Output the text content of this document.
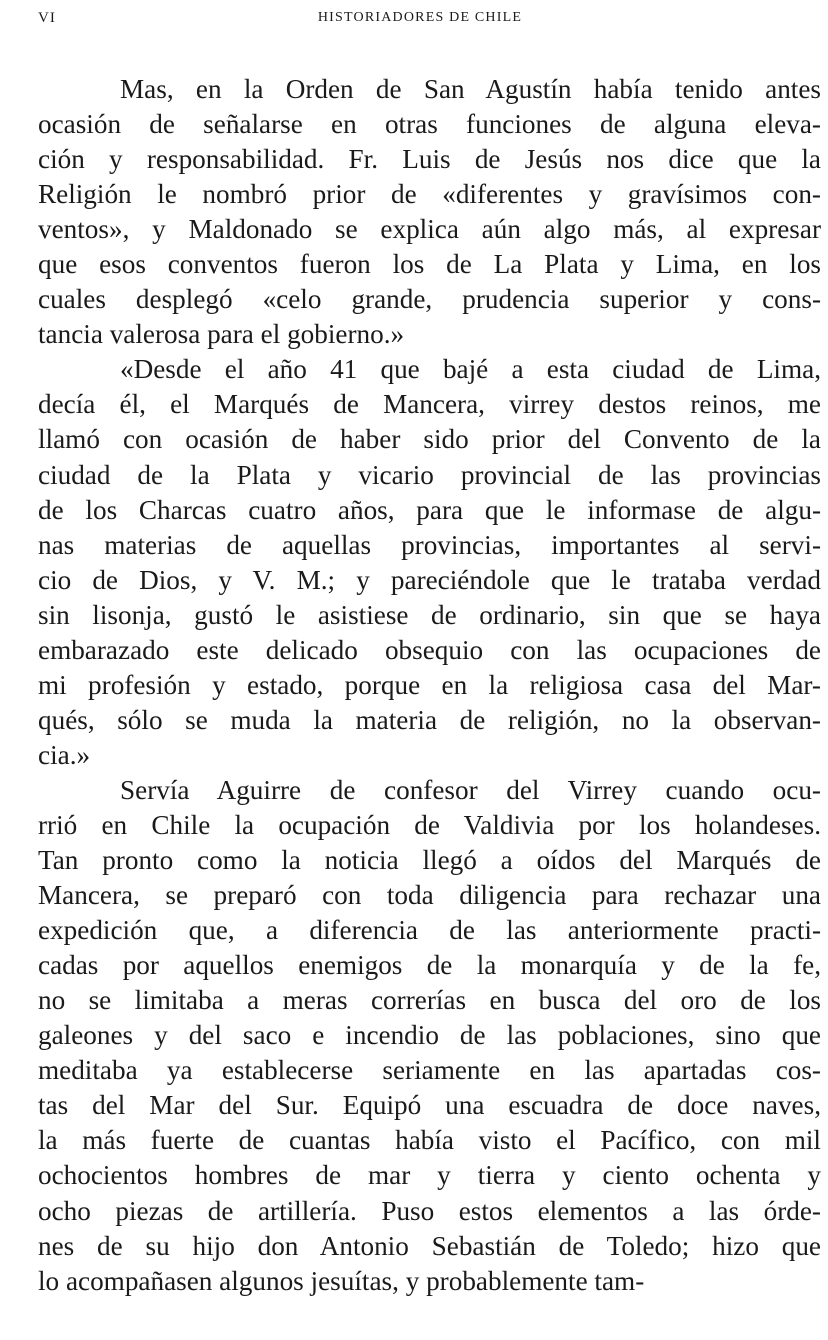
VI	HISTORIADORES DE CHILE
Mas, en la Orden de San Agustín había tenido antes
ocasión de señalarse en otras funciones de alguna eleva-
ción y responsabilidad. Fr. Luis de Jesús nos dice que la
Religión le nombró prior de «diferentes y gravísimos con-
ventos», y Maldonado se explica aún algo más, al expresar
que esos conventos fueron los de La Plata y Lima, en los
cuales desplegó «celo grande, prudencia superior y cons-
tancia valerosa para el gobierno.»
«Desde el año 41 que bajé a esta ciudad de Lima,
decía él, el Marqués de Mancera, virrey destos reinos, me
llamó con ocasión de haber sido prior del Convento de la
ciudad de la Plata y vicario provincial de las provincias
de los Charcas cuatro años, para que le informase de algu-
nas materias de aquellas provincias, importantes al servi-
cio de Dios, y V. M.; y pareciéndole que le trataba verdad
sin lisonja, gustó le asistiese de ordinario, sin que se haya
embarazado este delicado obsequio con las ocupaciones de
mi profesión y estado, porque en la religiosa casa del Mar-
qués, sólo se muda la materia de religión, no la observan-
cia.»
Servía Aguirre de confesor del Virrey cuando ocu-
rrió en Chile la ocupación de Valdivia por los holandeses.
Tan pronto como la noticia llegó a oídos del Marqués de
Mancera, se preparó con toda diligencia para rechazar una
expedición que, a diferencia de las anteriormente practi-
cadas por aquellos enemigos de la monarquía y de la fe,
no se limitaba a meras correrías en busca del oro de los
galeones y del saco e incendio de las poblaciones, sino que
meditaba ya establecerse seriamente en las apartadas cos-
tas del Mar del Sur. Equipó una escuadra de doce naves,
la más fuerte de cuantas había visto el Pacífico, con mil
ochocientos hombres de mar y tierra y ciento ochenta y
ocho piezas de artillería. Puso estos elementos a las órde-
nes de su hijo don Antonio Sebastián de Toledo; hizo que
lo acompañasen algunos jesuítas, y probablemente tam-
